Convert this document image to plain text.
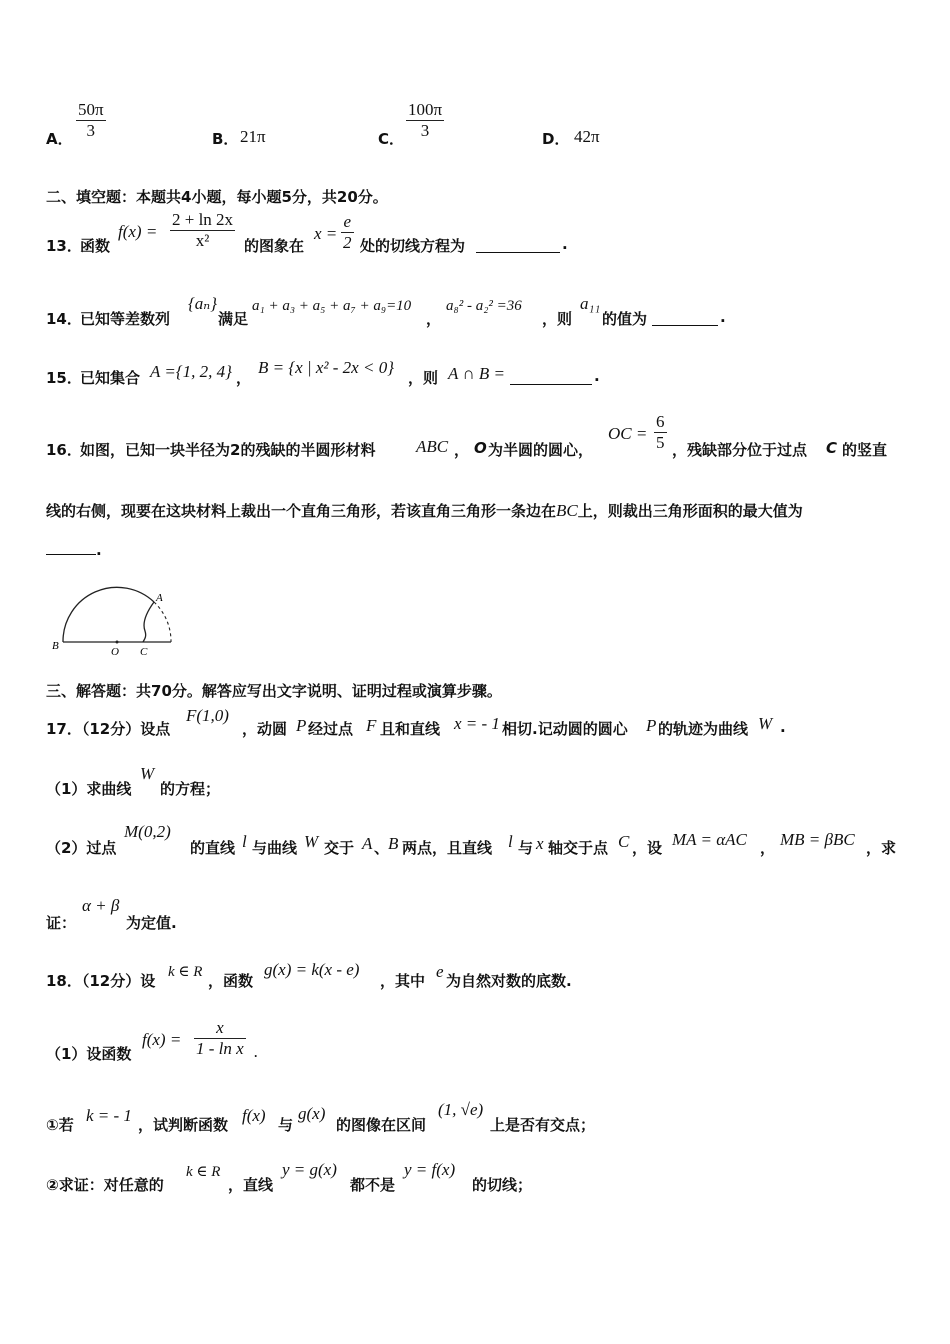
A． $\frac{50\pi}{3}$	B． 21π	C． $\frac{100\pi}{3}$	D． 42π
二、填空题：本题共4小题，每小题5分，共20分。
13．
函数
$f(x) = \frac{2 + \ln 2x}{\text{x²}}$ 的图象在
$x = \frac{e}{2}$ 处的切线方程为	.
14．
已知等差数列
{aₙ}
满足
a₁ + a₃ + a₅ + a₇ + a₉=10
，
a₈² - a₂² =36
，则
a₁₁
的值为	.
15．
已知集合 A ={1, 2, 4} ，
B = {x | x² - 2x < 0}
，则 A ∩ B =	.
16．
如图，已知一块半径为2的残缺的半圆形材料 ABC ， O 为半圆的圆心，
OC = $\frac{6}{5}$ ，残缺部分位于过点 C 的竖直
线的右侧，现要在这块材料上裁出一个直角三角形，若该直角三角形一条边在BC上，则裁出三角形面积的最大值为
.
B	O C
A
三、解答题：共70分。解答应写出文字说明、证明过程或演算步骤。
17．（12分）设点
F(1,0)
，动圆 P 经过点 F 且和直线 x = - 1 相切.记动圆的圆心 P 的轨迹为曲线 W .
（1）求曲线
W
的方程；
（2）过点
M(0,2)
的直线 l 与曲线 W 交于 A 、
B 两点，且直线 l 与 x 轴交于点 C ，设 MA = αAC ， MB = βBC ，求
证：
α + β
为定值.
18．（12分）设 k ∈ R ，函数
g(x) = k(x - e)
，其中 e 为自然对数的底数.
（1）设函数
$f(x) = \frac{x}{\text{1 - ln x}}$ .
①若 k = - 1 ，试判断函数 f(x) 与
g(x)
的图像在区间
(1, √e)
上是否有交点；
②求证：对任意的
k ∈ R
，直线
y = g(x)
都不是
y = f(x)
的切线；
